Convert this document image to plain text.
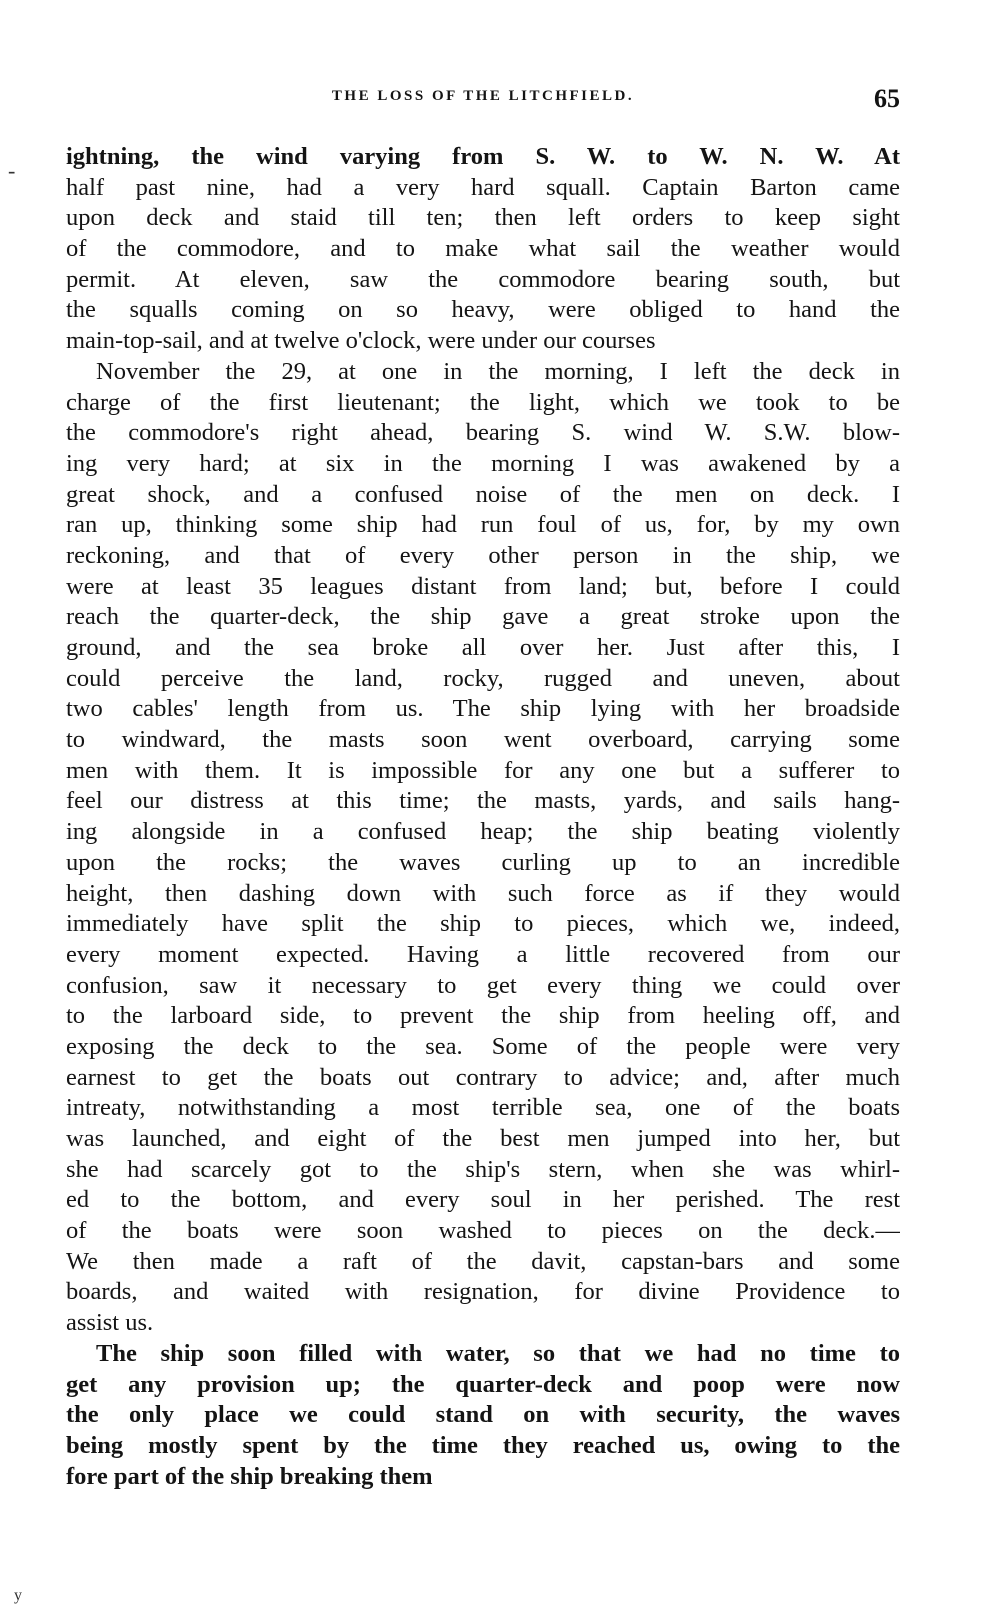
-
THE LOSS OF THE LITCHFIELD.	65
ightning, the wind varying from S. W. to W. N. W. At
half past nine, had a very hard squall. Captain Barton came
upon deck and staid till ten; then left orders to keep sight
of the commodore, and to make what sail the weather would
permit. At eleven, saw the commodore bearing south, but
the squalls coming on so heavy, were obliged to hand the
main-top-sail, and at twelve o'clock, were under our courses
November the 29, at one in the morning, I left the deck in
charge of the first lieutenant; the light, which we took to be
the commodore's right ahead, bearing S. wind W. S.W. blow-
ing very hard; at six in the morning I was awakened by a
great shock, and a confused noise of the men on deck. I
ran up, thinking some ship had run foul of us, for, by my own
reckoning, and that of every other person in the ship, we
were at least 35 leagues distant from land; but, before I could
reach the quarter-deck, the ship gave a great stroke upon the
ground, and the sea broke all over her. Just after this, I
could perceive the land, rocky, rugged and uneven, about
two cables' length from us. The ship lying with her broadside
to windward, the masts soon went overboard, carrying some
men with them. It is impossible for any one but a sufferer to
feel our distress at this time; the masts, yards, and sails hang-
ing alongside in a confused heap; the ship beating violently
upon the rocks; the waves curling up to an incredible
height, then dashing down with such force as if they would
immediately have split the ship to pieces, which we, indeed,
every moment expected. Having a little recovered from our
confusion, saw it necessary to get every thing we could over
to the larboard side, to prevent the ship from heeling off, and
exposing the deck to the sea. Some of the people were very
earnest to get the boats out contrary to advice; and, after much
intreaty, notwithstanding a most terrible sea, one of the boats
was launched, and eight of the best men jumped into her, but
she had scarcely got to the ship's stern, when she was whirl-
ed to the bottom, and every soul in her perished. The rest
of the boats were soon washed to pieces on the deck.—
We then made a raft of the davit, capstan-bars and some
boards, and waited with resignation, for divine Providence to
assist us.
The ship soon filled with water, so that we had no time to
get any provision up; the quarter-deck and poop were now
the only place we could stand on with security, the waves
being mostly spent by the time they reached us, owing to the
fore part of the ship breaking them
y
